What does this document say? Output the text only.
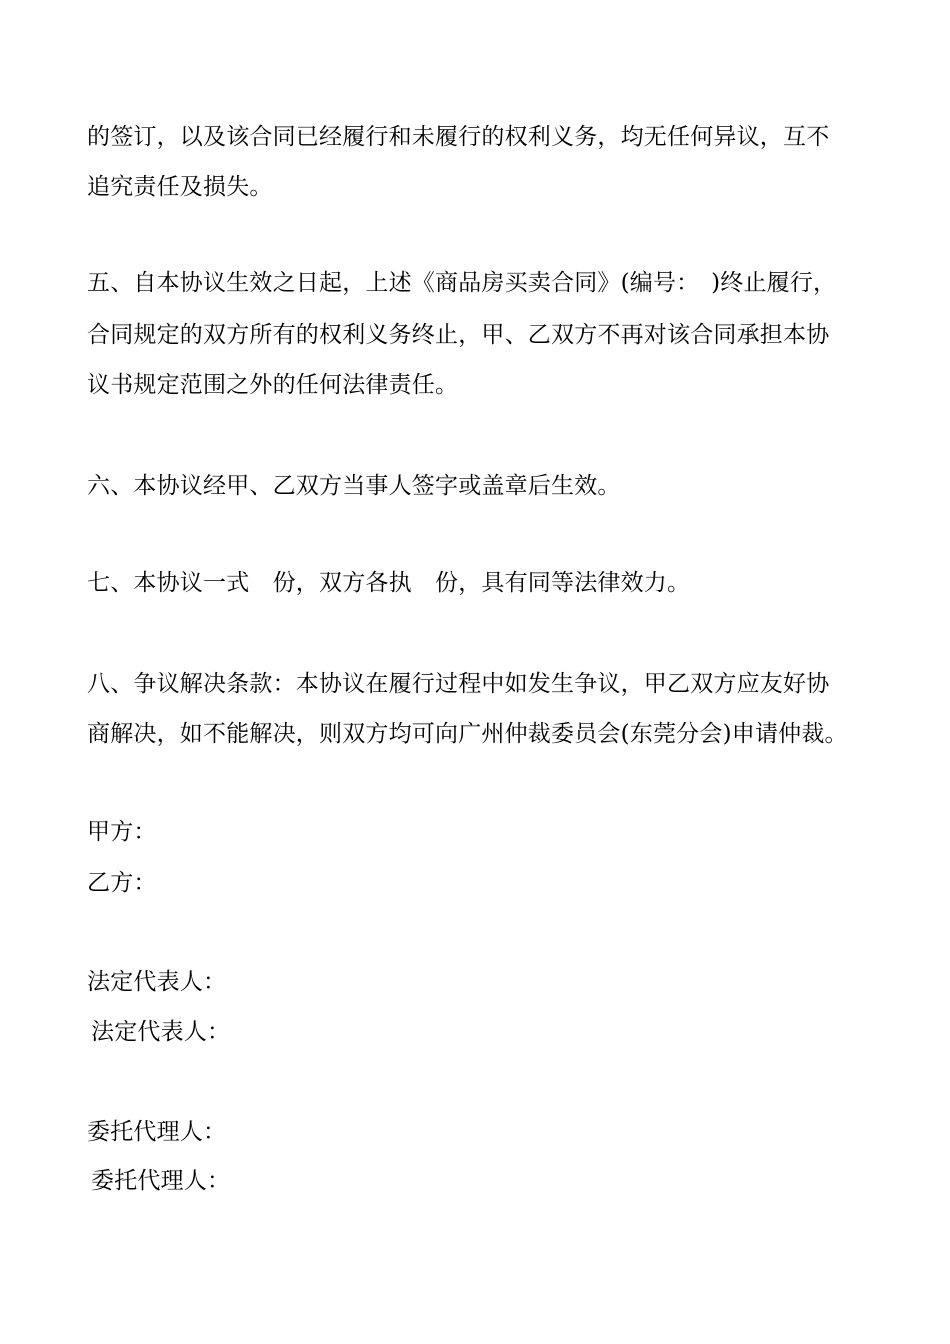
的签订，以及该合同已经履行和未履行的权利义务，均无任何异议，互不
追究责任及损失。
五、自本协议生效之日起，上述《商品房买卖合同》(编号：　)终止履行，
合同规定的双方所有的权利义务终止，甲、乙双方不再对该合同承担本协
议书规定范围之外的任何法律责任。
六、本协议经甲、乙双方当事人签字或盖章后生效。
七、本协议一式　份，双方各执　份，具有同等法律效力。
八、争议解决条款：本协议在履行过程中如发生争议，甲乙双方应友好协
商解决，如不能解决，则双方均可向广州仲裁委员会(东莞分会)申请仲裁。
甲方：
乙方：
法定代表人：
法定代表人：
委托代理人：
委托代理人：
